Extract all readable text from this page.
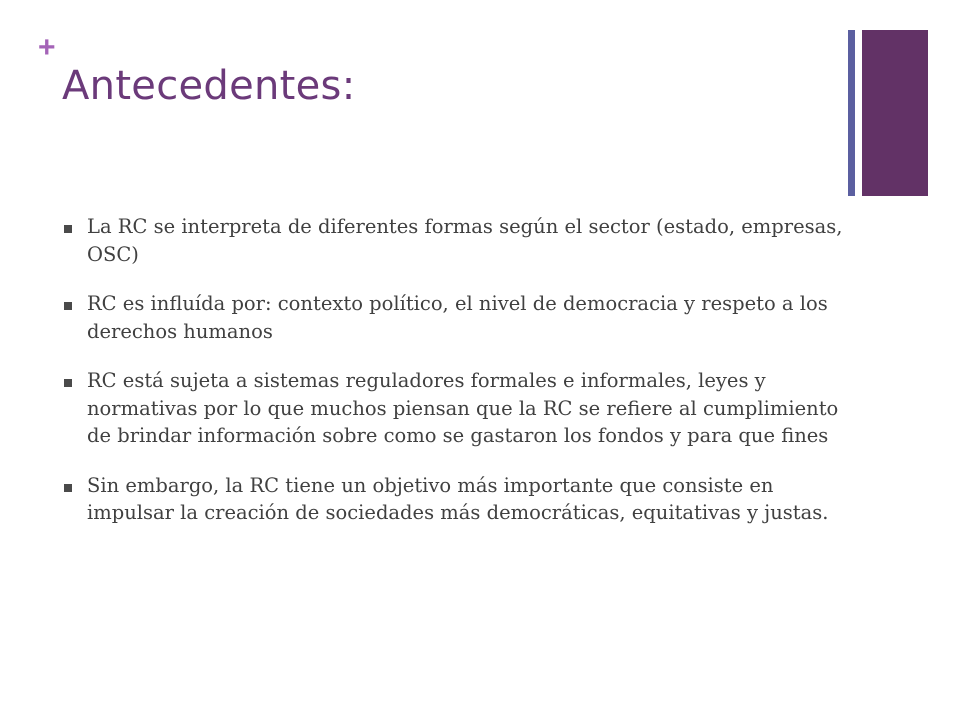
+
Antecedentes:
La RC se interpreta de diferentes formas según el sector (estado, empresas, OSC)
RC es influída por: contexto político, el nivel de democracia y respeto a los derechos humanos
RC está sujeta a sistemas reguladores formales e informales, leyes y normativas por lo que muchos piensan que la RC se refiere al cumplimiento de brindar información sobre como se gastaron los fondos y para que fines
Sin embargo, la RC tiene un objetivo más importante que consiste en impulsar la creación de sociedades más democráticas, equitativas y justas.
